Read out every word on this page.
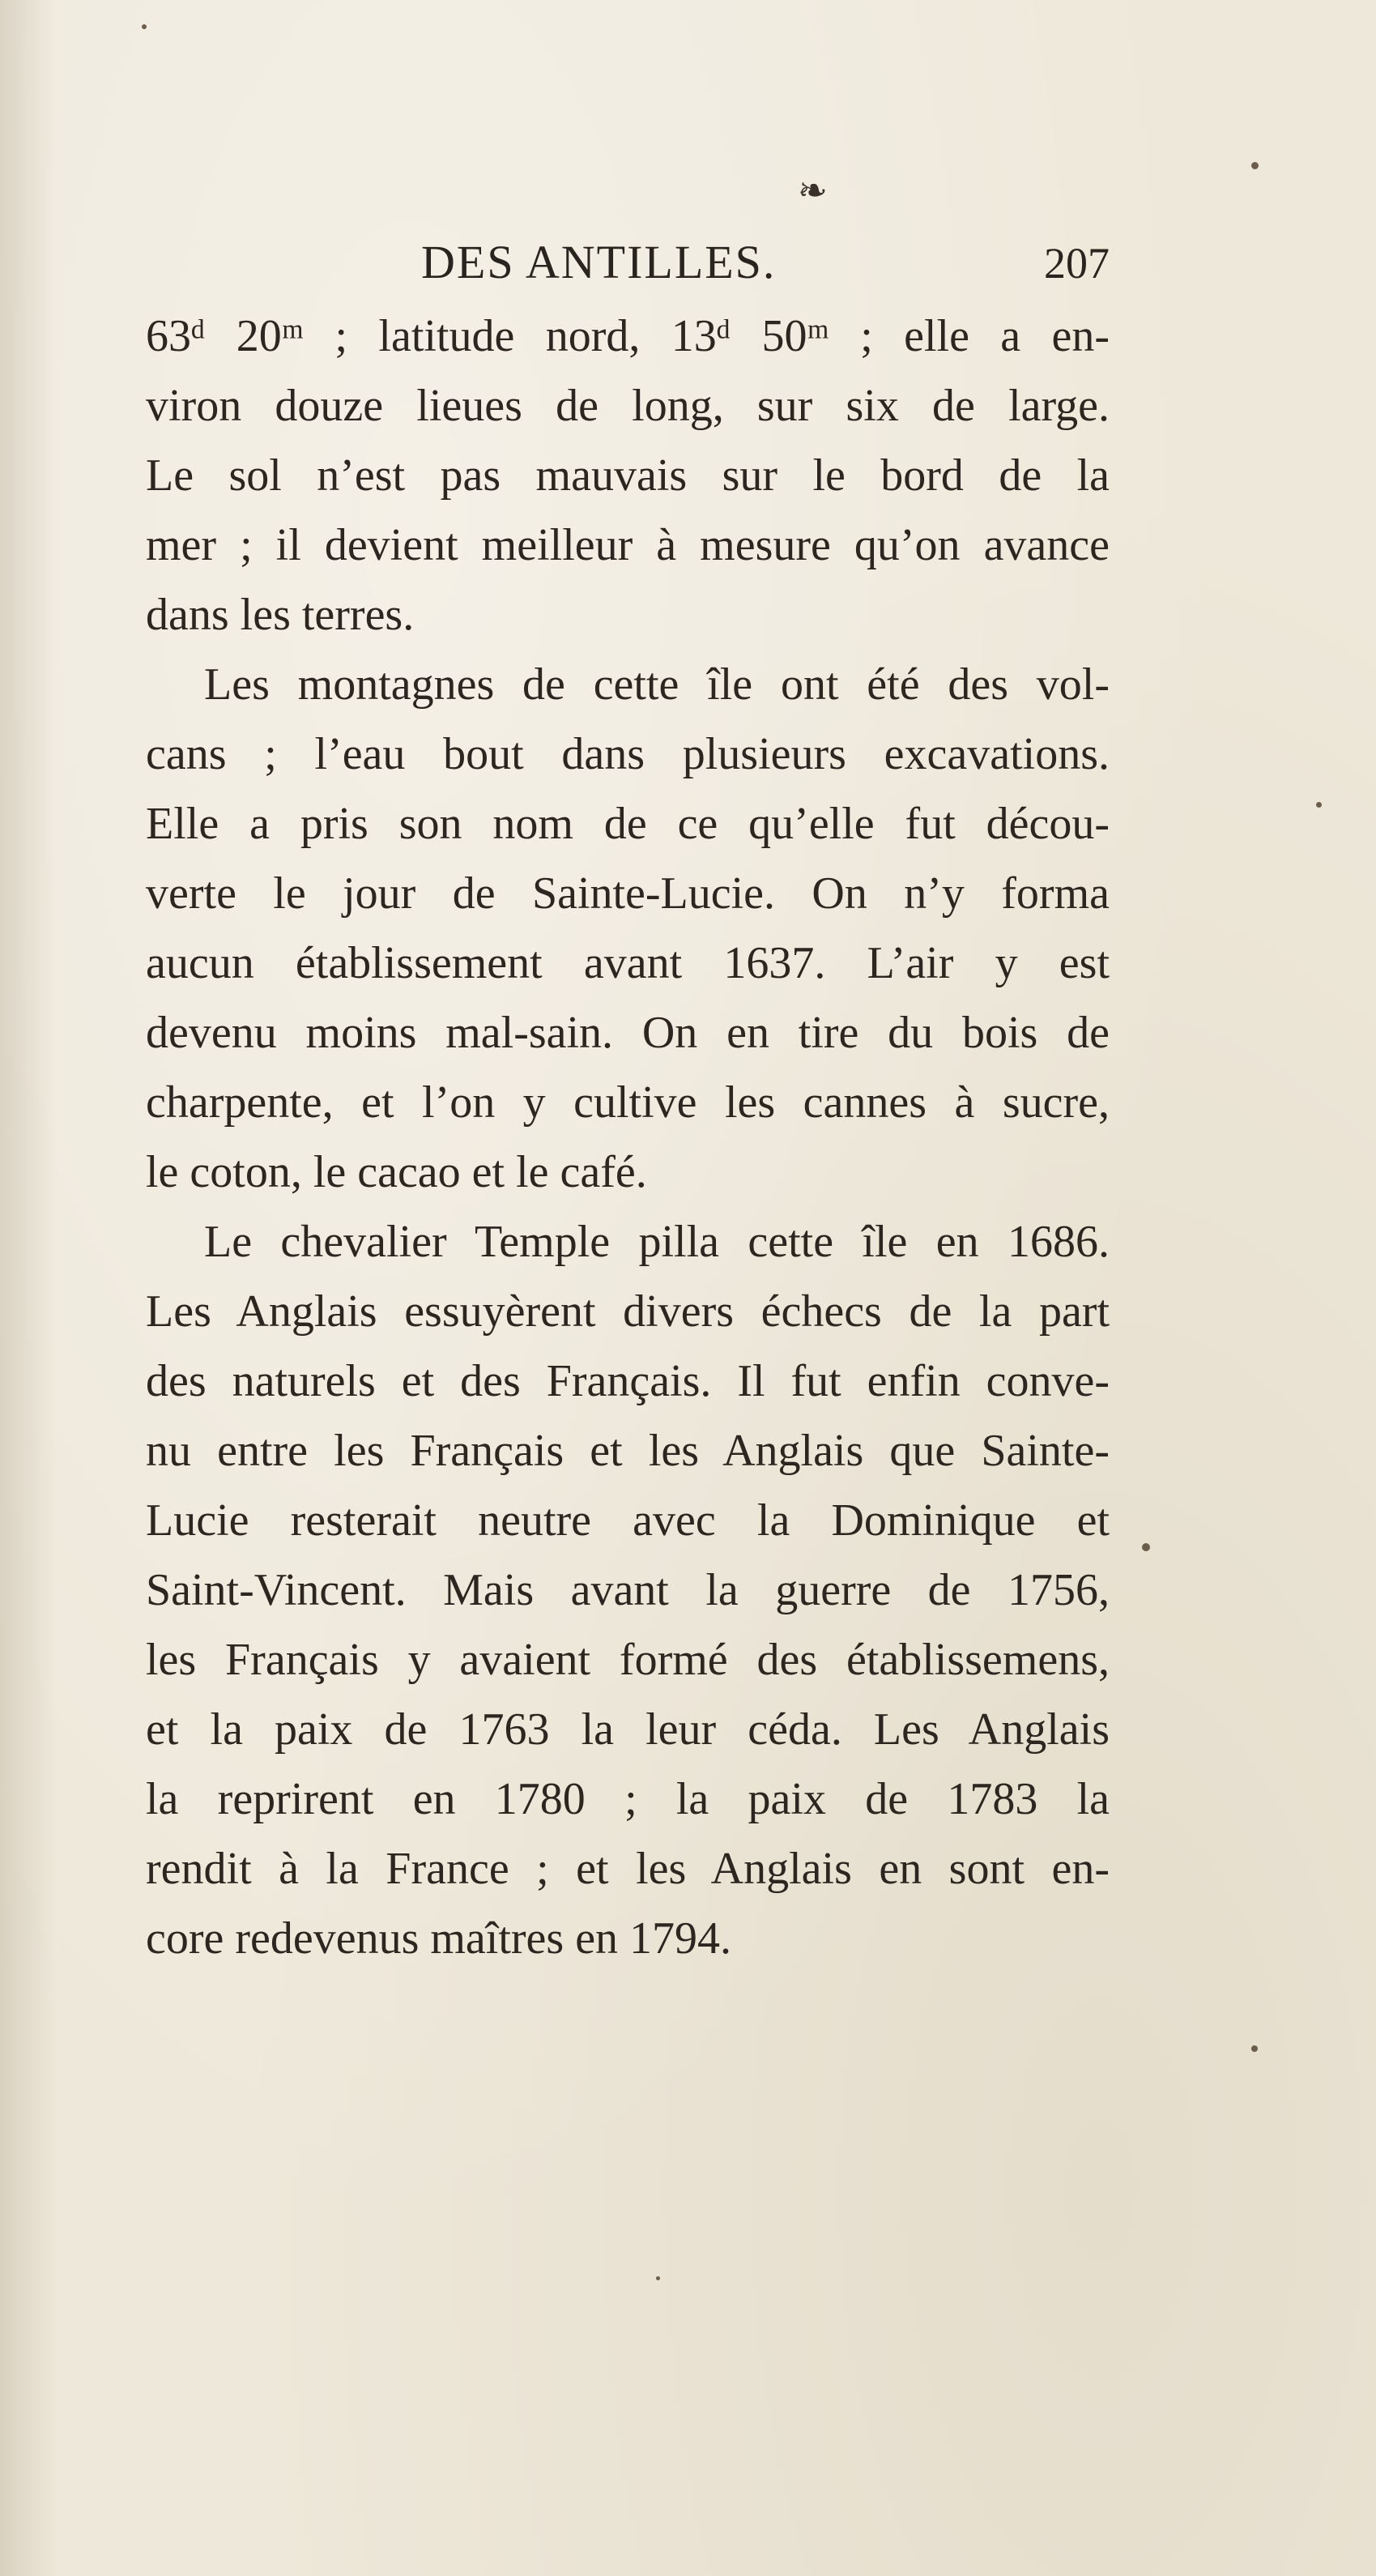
❧
DES ANTILLES.	207
63ᵈ 20ᵐ ; latitude nord, 13ᵈ 50ᵐ ; elle a en-
viron douze lieues de long, sur six de large.
Le sol n’est pas mauvais sur le bord de la
mer ; il devient meilleur à mesure qu’on avance
dans les terres.
Les montagnes de cette île ont été des vol-
cans ; l’eau bout dans plusieurs excavations.
Elle a pris son nom de ce qu’elle fut décou-
verte le jour de Sainte-Lucie. On n’y forma
aucun établissement avant 1637. L’air y est
devenu moins mal-sain. On en tire du bois de
charpente, et l’on y cultive les cannes à sucre,
le coton, le cacao et le café.
Le chevalier Temple pilla cette île en 1686.
Les Anglais essuyèrent divers échecs de la part
des naturels et des Français. Il fut enfin conve-
nu entre les Français et les Anglais que Sainte-
Lucie resterait neutre avec la Dominique et
Saint-Vincent. Mais avant la guerre de 1756,
les Français y avaient formé des établissemens,
et la paix de 1763 la leur céda. Les Anglais
la reprirent en 1780 ; la paix de 1783 la
rendit à la France ; et les Anglais en sont en-
core redevenus maîtres en 1794.
